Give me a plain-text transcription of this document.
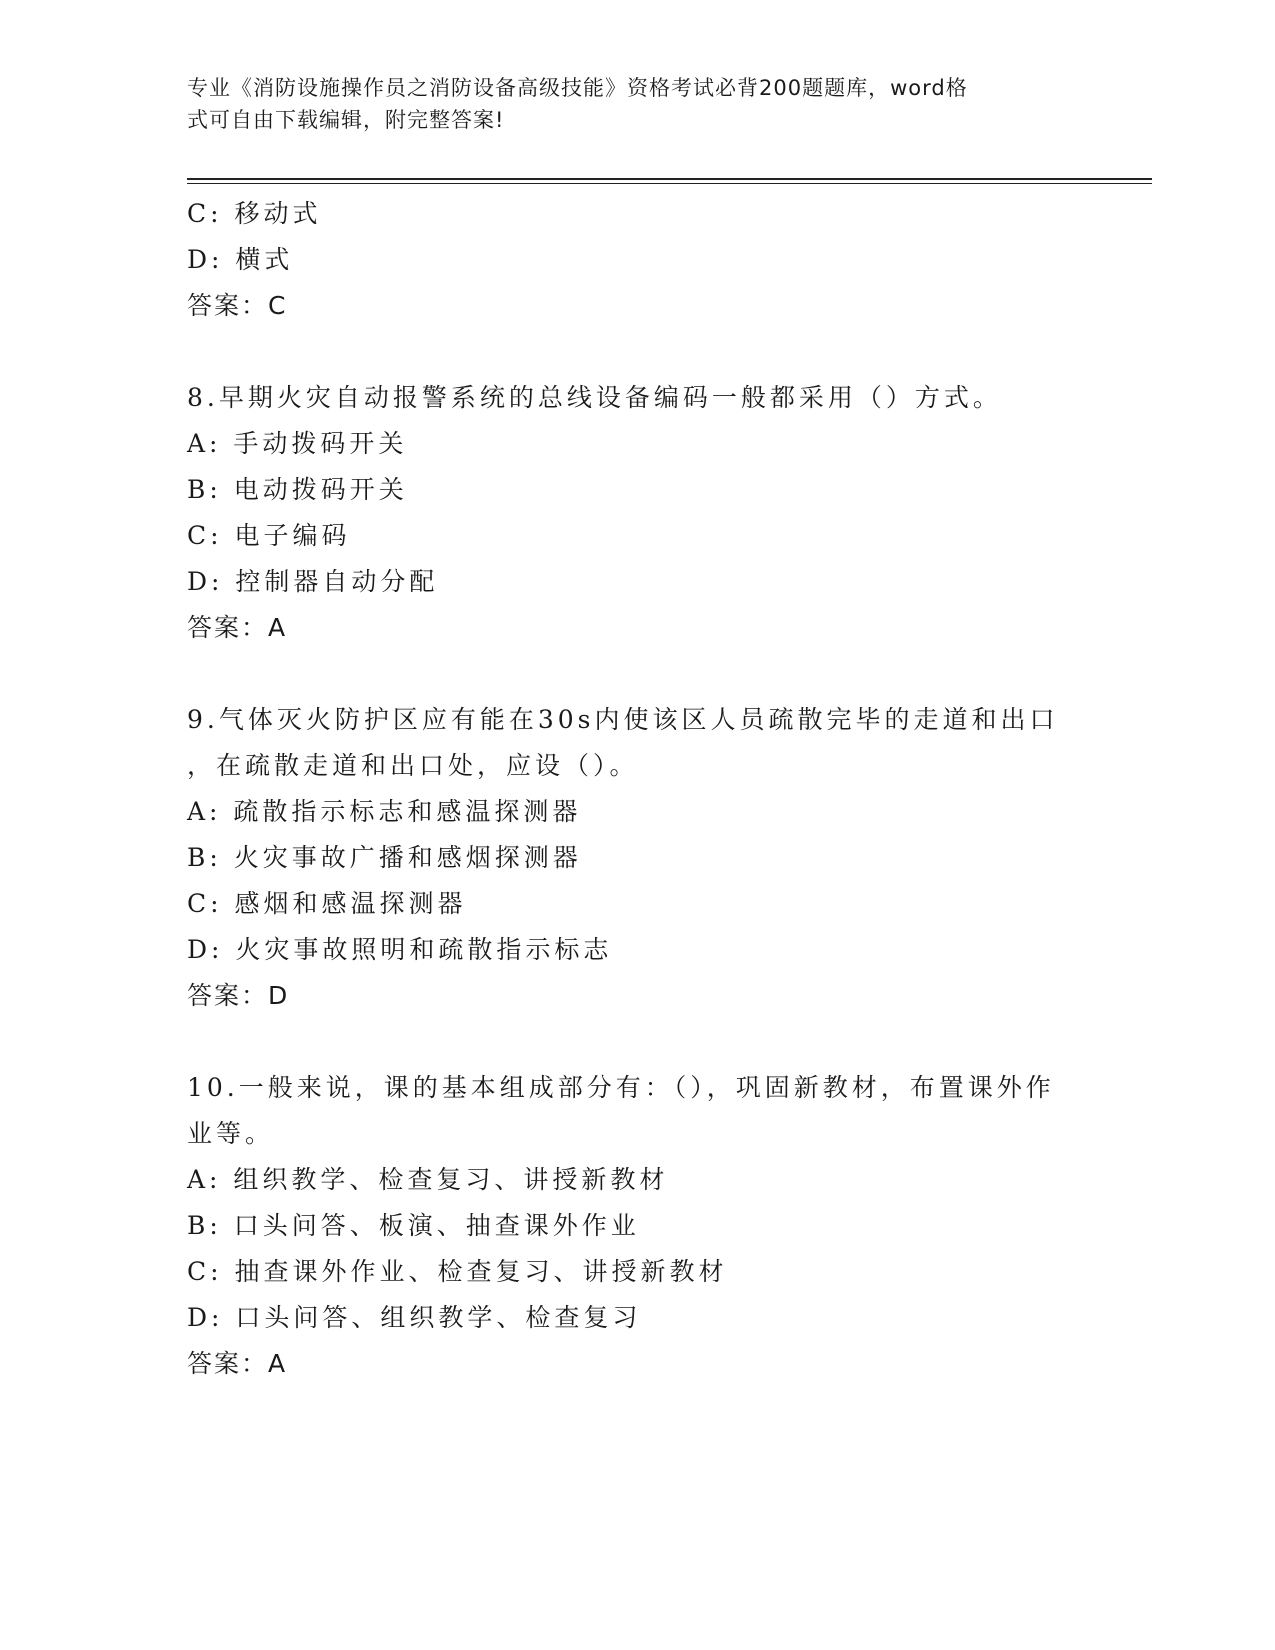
专业《消防设施操作员之消防设备高级技能》资格考试必背200题题库，word格
式可自由下载编辑，附完整答案!
C: 移动式
D: 横式
答案：C
8.早期火灾自动报警系统的总线设备编码一般都采用（）方式。
A: 手动拨码开关
B: 电动拨码开关
C: 电子编码
D: 控制器自动分配
答案：A
9.气体灭火防护区应有能在30s内使该区人员疏散完毕的走道和出口
，在疏散走道和出口处，应设（）。
A: 疏散指示标志和感温探测器
B: 火灾事故广播和感烟探测器
C: 感烟和感温探测器
D: 火灾事故照明和疏散指示标志
答案：D
10.一般来说，课的基本组成部分有：（），巩固新教材，布置课外作
业等。
A: 组织教学、检查复习、讲授新教材
B: 口头问答、板演、抽查课外作业
C: 抽查课外作业、检查复习、讲授新教材
D: 口头问答、组织教学、检查复习
答案：A
